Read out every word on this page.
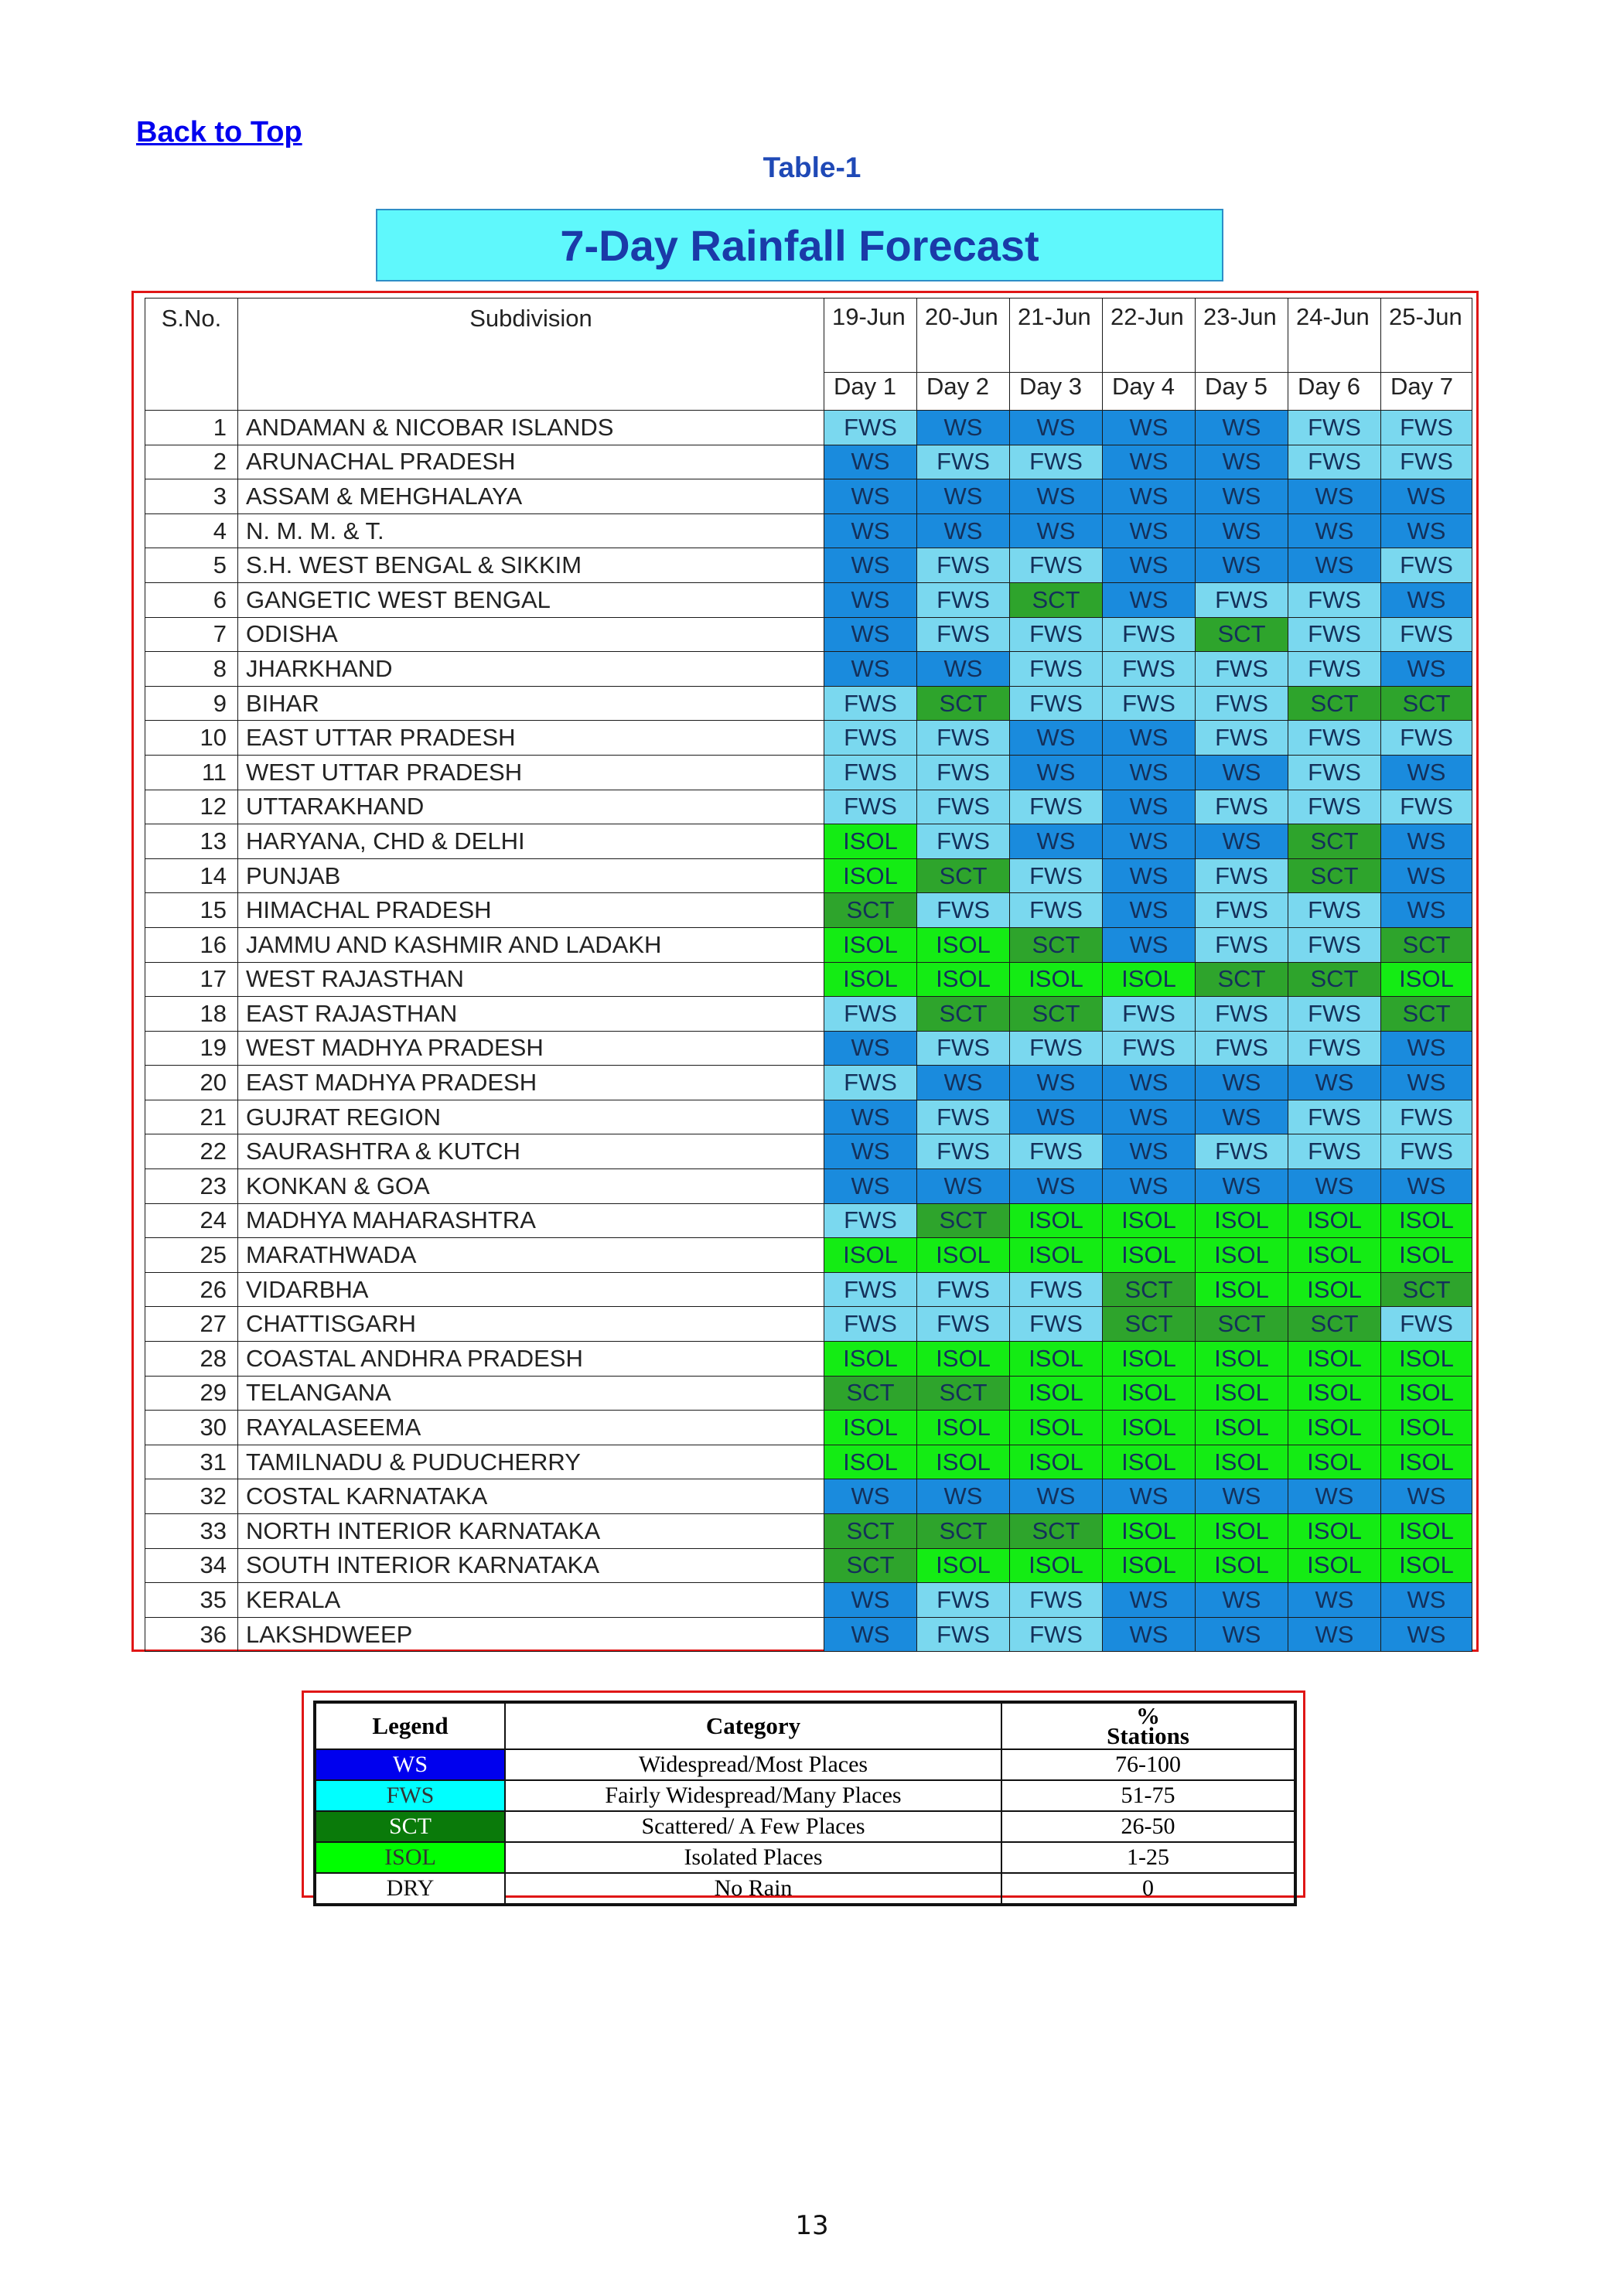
Back to Top
Table-1
7-Day Rainfall Forecast
S.No.	Subdivision	19-Jun	20-Jun	21-Jun	22-Jun	23-Jun	24-Jun	25-Jun
		Day 1	Day 2	Day 3	Day 4	Day 5	Day 6	Day 7
1	ANDAMAN & NICOBAR ISLANDS	FWS	WS	WS	WS	WS	FWS	FWS
2	ARUNACHAL PRADESH	WS	FWS	FWS	WS	WS	FWS	FWS
3	ASSAM & MEHGHALAYA	WS	WS	WS	WS	WS	WS	WS
4	N. M. M. & T.	WS	WS	WS	WS	WS	WS	WS
5	S.H. WEST BENGAL & SIKKIM	WS	FWS	FWS	WS	WS	WS	FWS
6	GANGETIC WEST BENGAL	WS	FWS	SCT	WS	FWS	FWS	WS
7	ODISHA	WS	FWS	FWS	FWS	SCT	FWS	FWS
8	JHARKHAND	WS	WS	FWS	FWS	FWS	FWS	WS
9	BIHAR	FWS	SCT	FWS	FWS	FWS	SCT	SCT
10	EAST UTTAR PRADESH	FWS	FWS	WS	WS	FWS	FWS	FWS
11	WEST UTTAR PRADESH	FWS	FWS	WS	WS	WS	FWS	WS
12	UTTARAKHAND	FWS	FWS	FWS	WS	FWS	FWS	FWS
13	HARYANA, CHD & DELHI	ISOL	FWS	WS	WS	WS	SCT	WS
14	PUNJAB	ISOL	SCT	FWS	WS	FWS	SCT	WS
15	HIMACHAL PRADESH	SCT	FWS	FWS	WS	FWS	FWS	WS
16	JAMMU AND KASHMIR AND LADAKH	ISOL	ISOL	SCT	WS	FWS	FWS	SCT
17	WEST RAJASTHAN	ISOL	ISOL	ISOL	ISOL	SCT	SCT	ISOL
18	EAST RAJASTHAN	FWS	SCT	SCT	FWS	FWS	FWS	SCT
19	WEST MADHYA PRADESH	WS	FWS	FWS	FWS	FWS	FWS	WS
20	EAST MADHYA PRADESH	FWS	WS	WS	WS	WS	WS	WS
21	GUJRAT REGION	WS	FWS	WS	WS	WS	FWS	FWS
22	SAURASHTRA & KUTCH	WS	FWS	FWS	WS	FWS	FWS	FWS
23	KONKAN & GOA	WS	WS	WS	WS	WS	WS	WS
24	MADHYA MAHARASHTRA	FWS	SCT	ISOL	ISOL	ISOL	ISOL	ISOL
25	MARATHWADA	ISOL	ISOL	ISOL	ISOL	ISOL	ISOL	ISOL
26	VIDARBHA	FWS	FWS	FWS	SCT	ISOL	ISOL	SCT
27	CHATTISGARH	FWS	FWS	FWS	SCT	SCT	SCT	FWS
28	COASTAL ANDHRA PRADESH	ISOL	ISOL	ISOL	ISOL	ISOL	ISOL	ISOL
29	TELANGANA	SCT	SCT	ISOL	ISOL	ISOL	ISOL	ISOL
30	RAYALASEEMA	ISOL	ISOL	ISOL	ISOL	ISOL	ISOL	ISOL
31	TAMILNADU & PUDUCHERRY	ISOL	ISOL	ISOL	ISOL	ISOL	ISOL	ISOL
32	COSTAL KARNATAKA	WS	WS	WS	WS	WS	WS	WS
33	NORTH INTERIOR KARNATAKA	SCT	SCT	SCT	ISOL	ISOL	ISOL	ISOL
34	SOUTH INTERIOR KARNATAKA	SCT	ISOL	ISOL	ISOL	ISOL	ISOL	ISOL
35	KERALA	WS	FWS	FWS	WS	WS	WS	WS
36	LAKSHDWEEP	WS	FWS	FWS	WS	WS	WS	WS
Legend	Category	%
Stations
WS	Widespread/Most Places	76-100
FWS	Fairly Widespread/Many Places	51-75
SCT	Scattered/ A Few Places	26-50
ISOL	Isolated Places	1-25
DRY	No Rain	0
13
